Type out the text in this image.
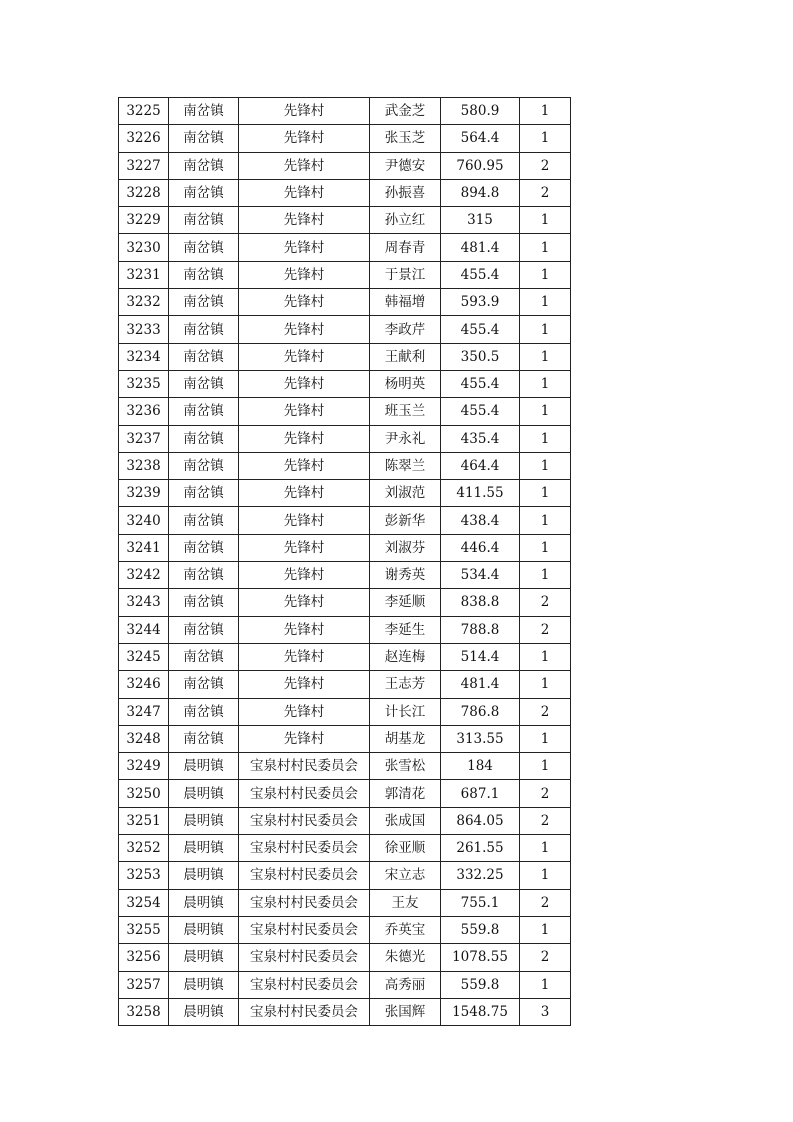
3225	南岔镇	先锋村	武金芝	580.9	1
3226	南岔镇	先锋村	张玉芝	564.4	1
3227	南岔镇	先锋村	尹德安	760.95	2
3228	南岔镇	先锋村	孙振喜	894.8	2
3229	南岔镇	先锋村	孙立红	315	1
3230	南岔镇	先锋村	周春青	481.4	1
3231	南岔镇	先锋村	于景江	455.4	1
3232	南岔镇	先锋村	韩福增	593.9	1
3233	南岔镇	先锋村	李政芹	455.4	1
3234	南岔镇	先锋村	王献利	350.5	1
3235	南岔镇	先锋村	杨明英	455.4	1
3236	南岔镇	先锋村	班玉兰	455.4	1
3237	南岔镇	先锋村	尹永礼	435.4	1
3238	南岔镇	先锋村	陈翠兰	464.4	1
3239	南岔镇	先锋村	刘淑范	411.55	1
3240	南岔镇	先锋村	彭新华	438.4	1
3241	南岔镇	先锋村	刘淑芬	446.4	1
3242	南岔镇	先锋村	谢秀英	534.4	1
3243	南岔镇	先锋村	李延顺	838.8	2
3244	南岔镇	先锋村	李延生	788.8	2
3245	南岔镇	先锋村	赵连梅	514.4	1
3246	南岔镇	先锋村	王志芳	481.4	1
3247	南岔镇	先锋村	计长江	786.8	2
3248	南岔镇	先锋村	胡基龙	313.55	1
3249	晨明镇	宝泉村村民委员会	张雪松	184	1
3250	晨明镇	宝泉村村民委员会	郭清花	687.1	2
3251	晨明镇	宝泉村村民委员会	张成国	864.05	2
3252	晨明镇	宝泉村村民委员会	徐亚顺	261.55	1
3253	晨明镇	宝泉村村民委员会	宋立志	332.25	1
3254	晨明镇	宝泉村村民委员会	王友	755.1	2
3255	晨明镇	宝泉村村民委员会	乔英宝	559.8	1
3256	晨明镇	宝泉村村民委员会	朱德光	1078.55	2
3257	晨明镇	宝泉村村民委员会	高秀丽	559.8	1
3258	晨明镇	宝泉村村民委员会	张国辉	1548.75	3
